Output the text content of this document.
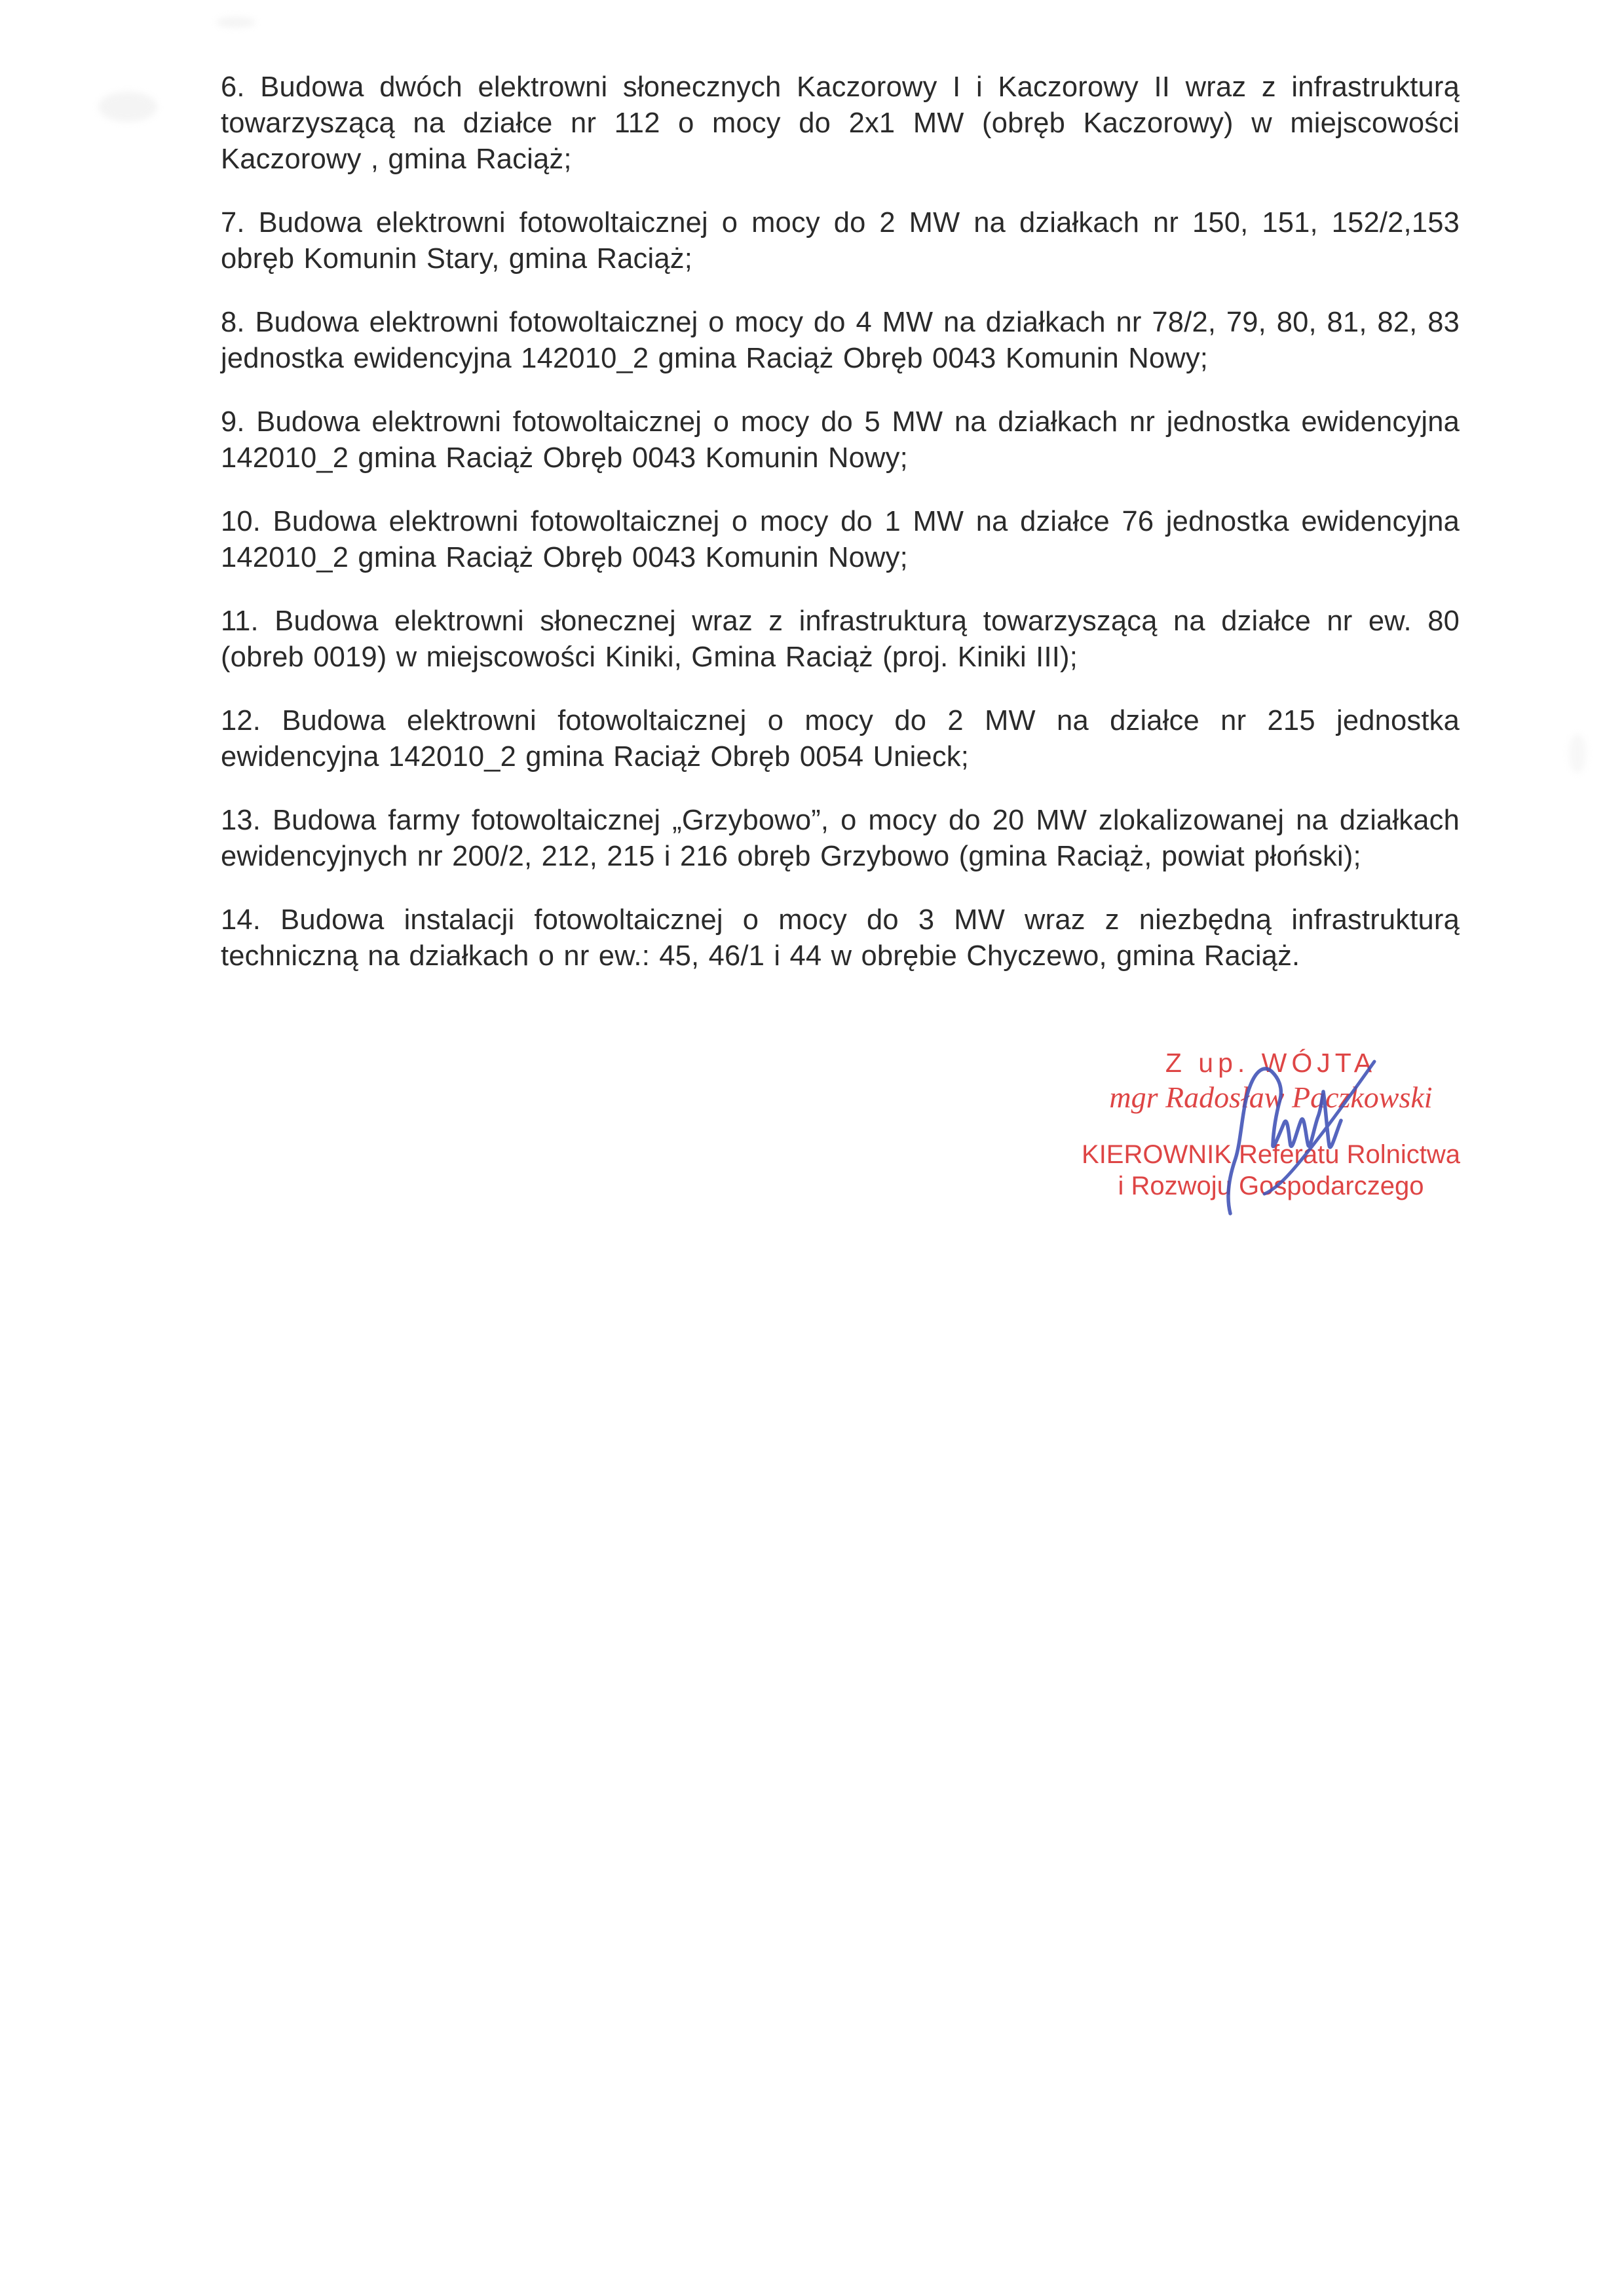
6. Budowa dwóch elektrowni słonecznych Kaczorowy I i Kaczorowy II wraz z infrastrukturą towarzyszącą na działce nr 112 o mocy do 2x1 MW (obręb Kaczorowy) w miejscowości Kaczorowy , gmina Raciąż;

7. Budowa elektrowni fotowoltaicznej o mocy do 2 MW na działkach nr 150, 151, 152/2,153 obręb Komunin Stary, gmina Raciąż;

8. Budowa elektrowni fotowoltaicznej o mocy do 4 MW na działkach nr 78/2, 79, 80, 81, 82, 83 jednostka ewidencyjna 142010_2 gmina Raciąż Obręb 0043 Komunin Nowy;

9. Budowa elektrowni fotowoltaicznej o mocy do 5 MW na działkach nr jednostka ewidencyjna 142010_2 gmina Raciąż Obręb 0043 Komunin Nowy;

10. Budowa elektrowni fotowoltaicznej o mocy do 1 MW na działce 76 jednostka ewidencyjna 142010_2 gmina Raciąż Obręb 0043 Komunin Nowy;

11. Budowa elektrowni słonecznej wraz z infrastrukturą towarzyszącą na działce nr ew. 80 (obreb 0019) w miejscowości Kiniki, Gmina Raciąż (proj. Kiniki III);

12. Budowa elektrowni fotowoltaicznej o mocy do 2 MW na działce nr 215 jednostka ewidencyjna 142010_2 gmina Raciąż Obręb 0054 Unieck;

13. Budowa farmy fotowoltaicznej „Grzybowo”, o mocy do 20 MW zlokalizowanej na działkach ewidencyjnych nr 200/2, 212, 215 i 216 obręb Grzybowo (gmina Raciąż, powiat płoński);

14. Budowa instalacji fotowoltaicznej o mocy do 3 MW wraz z niezbędną infrastrukturą techniczną na działkach o nr ew.: 45, 46/1 i 44 w obrębie Chyczewo, gmina Raciąż.

Z up. WÓJTA
mgr Radosław Paczkowski
KIEROWNIK Referatu Rolnictwa
i Rozwoju Gospodarczego
